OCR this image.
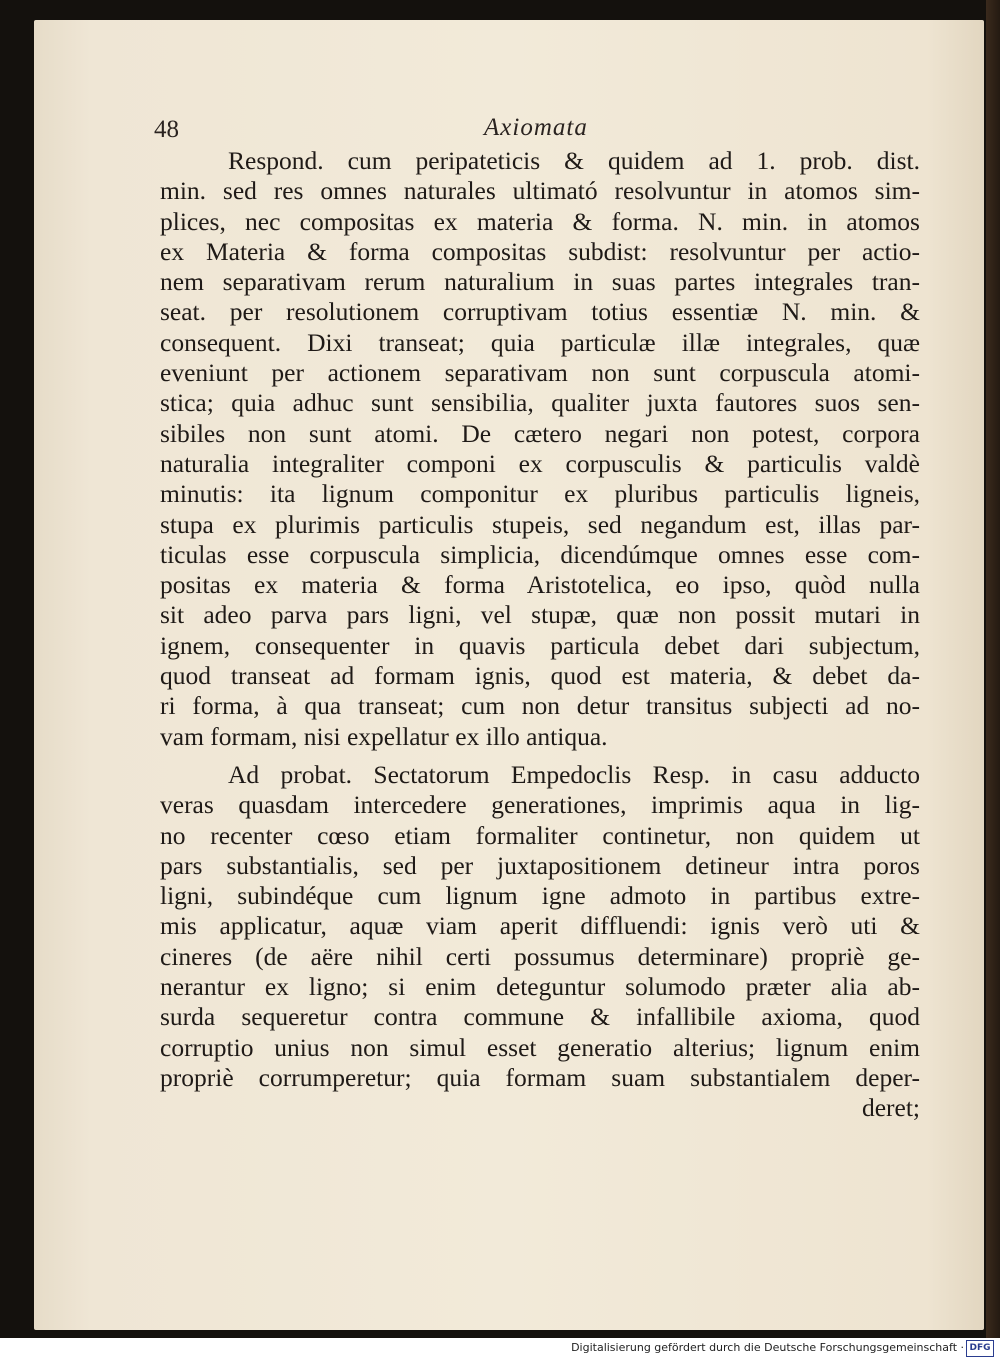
48	Axiomata
Respond. cum peripateticis & quidem ad 1. prob. dist.
min. sed res omnes naturales ultimató resolvuntur in atomos sim-
plices, nec compositas ex materia & forma. N. min. in atomos
ex Materia & forma compositas subdist: resolvuntur per actio-
nem separativam rerum naturalium in suas partes integrales tran-
seat. per resolutionem corruptivam totius essentiæ N. min. &
consequent. Dixi transeat; quia particulæ illæ integrales, quæ
eveniunt per actionem separativam non sunt corpuscula atomi-
stica; quia adhuc sunt sensibilia, qualiter juxta fautores suos sen-
sibiles non sunt atomi. De cætero negari non potest, corpora
naturalia integraliter componi ex corpusculis & particulis valdè
minutis: ita lignum componitur ex pluribus particulis ligneis,
stupa ex plurimis particulis stupeis, sed negandum est, illas par-
ticulas esse corpuscula simplicia, dicendúmque omnes esse com-
positas ex materia & forma Aristotelica, eo ipso, quòd nulla
sit adeo parva pars ligni, vel stupæ, quæ non possit mutari in
ignem, consequenter in quavis particula debet dari subjectum,
quod transeat ad formam ignis, quod est materia, & debet da-
ri forma, à qua transeat; cum non detur transitus subjecti ad no-
vam formam, nisi expellatur ex illo antiqua.
Ad probat. Sectatorum Empedoclis Resp. in casu adducto
veras quasdam intercedere generationes, imprimis aqua in lig-
no recenter cœso etiam formaliter continetur, non quidem ut
pars substantialis, sed per juxtapositionem detineur intra poros
ligni, subindéque cum lignum igne admoto in partibus extre-
mis applicatur, aquæ viam aperit diffluendi: ignis verò uti &
cineres (de aëre nihil certi possumus determinare) propriè ge-
nerantur ex ligno; si enim deteguntur solumodo præter alia ab-
surda sequeretur contra commune & infallibile axioma, quod
corruptio unius non simul esset generatio alterius; lignum enim
propriè corrumperetur; quia formam suam substantialem deper-
deret;
Digitalisierung gefördert durch die Deutsche Forschungsgemeinschaft · DFG
